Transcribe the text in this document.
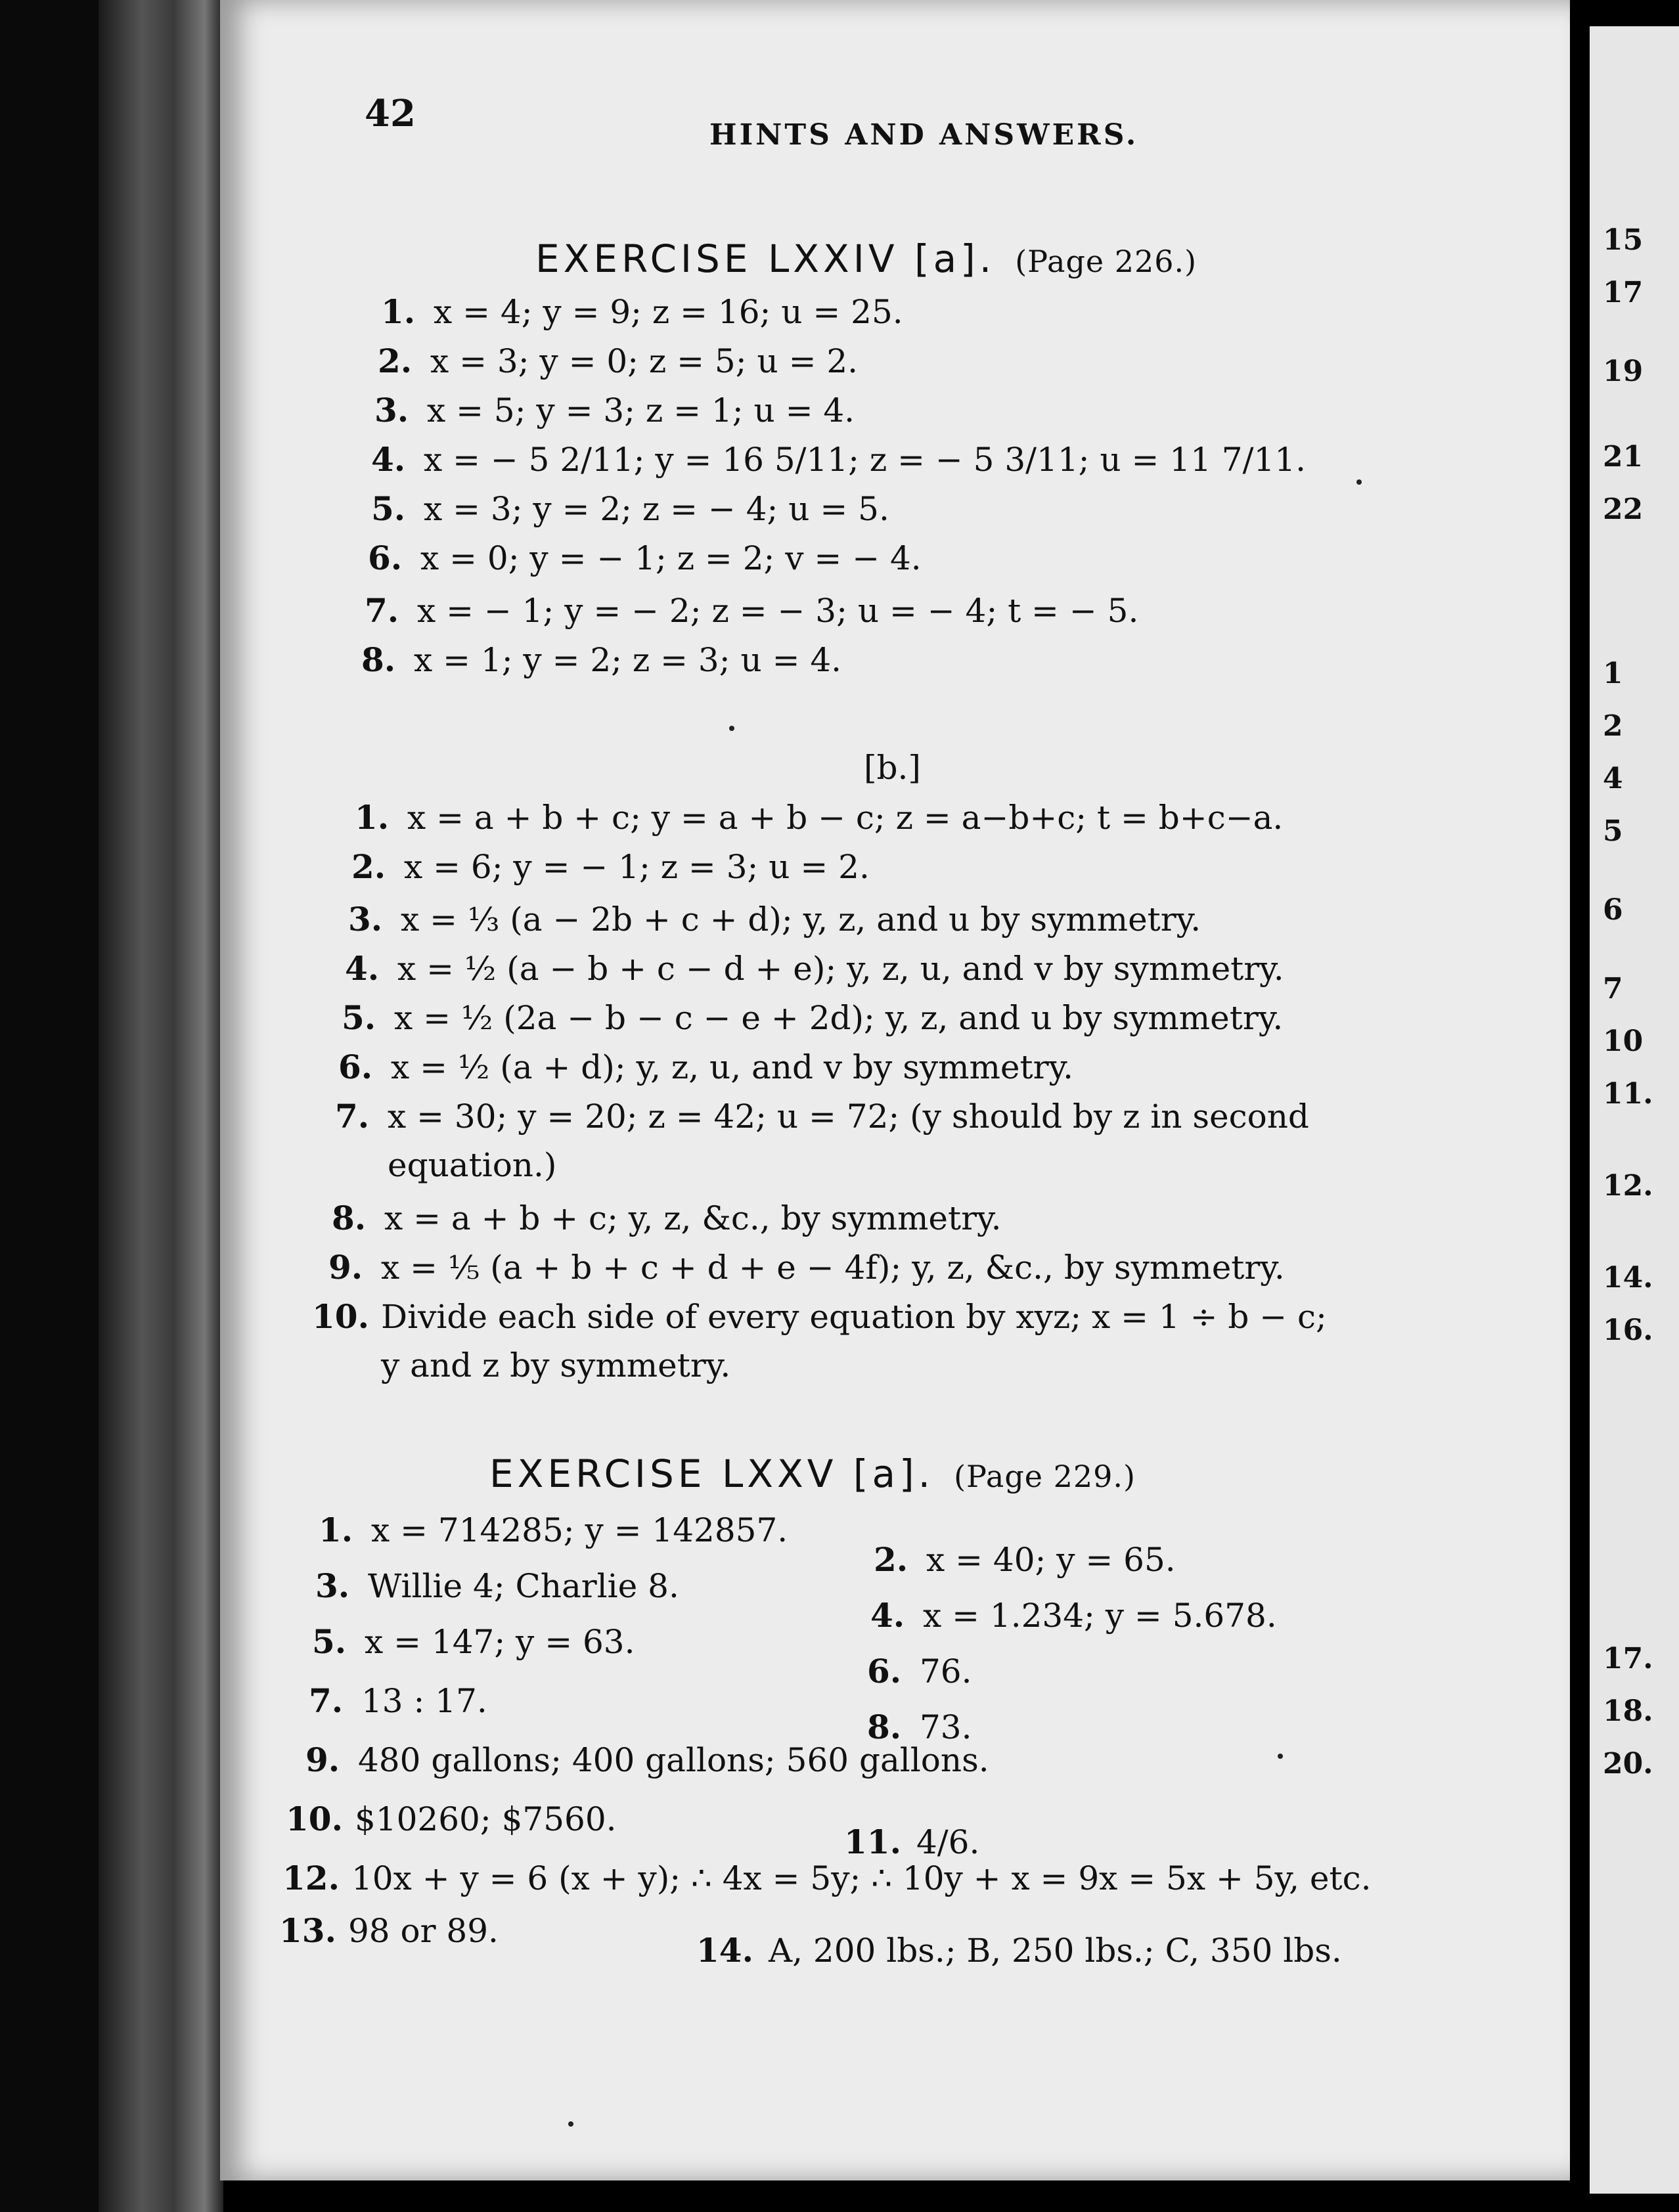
42	HINTS AND ANSWERS.
EXERCISE LXXIV [a]. (Page 226.)
1. x = 4; y = 9; z = 16; u = 25.
2. x = 3; y = 0; z = 5; u = 2.
3. x = 5; y = 3; z = 1; u = 4.
4. x = − 5 2/11; y = 16 5/11; z = − 5 3/11; u = 11 7/11.
5. x = 3; y = 2; z = − 4; u = 5.
6. x = 0; y = − 1; z = 2; v = − 4.
7. x = − 1; y = − 2; z = − 3; u = − 4; t = − 5.
8. x = 1; y = 2; z = 3; u = 4.
[b.]
1. x = a + b + c; y = a + b − c; z = a−b+c; t = b+c−a.
2. x = 6; y = − 1; z = 3; u = 2.
3. x = ⅓ (a − 2b + c + d); y, z, and u by symmetry.
4. x = ½ (a − b + c − d + e); y, z, u, and v by symmetry.
5. x = ½ (2a − b − c − e + 2d); y, z, and u by symmetry.
6. x = ½ (a + d); y, z, u, and v by symmetry.
7. x = 30; y = 20; z = 42; u = 72; (y should by z in second
equation.)
8. x = a + b + c; y, z, &c., by symmetry.
9. x = ⅕ (a + b + c + d + e − 4f); y, z, &c., by symmetry.
10. Divide each side of every equation by xyz; x = 1 ÷ b − c;
y and z by symmetry.
EXERCISE LXXV [a]. (Page 229.)
1. x = 714285; y = 142857.
3. Willie 4; Charlie 8.
5. x = 147; y = 63.
7. 13 : 17.
9. 480 gallons; 400 gallons; 560 gallons.
10. $10260; $7560.
12. 10x + y = 6 (x + y); ∴ 4x = 5y; ∴ 10y + x = 9x = 5x + 5y, etc.
13. 98 or 89.
2. x = 40; y = 65.
4. x = 1.234; y = 5.678.
6. 76.
8. 73.
11. 4/6.
14. A, 200 lbs.; B, 250 lbs.; C, 350 lbs.
15
17
19
21
22
1
2
4
5
6
7
10
11.
12.
14.
16.
17.
18.
20.
